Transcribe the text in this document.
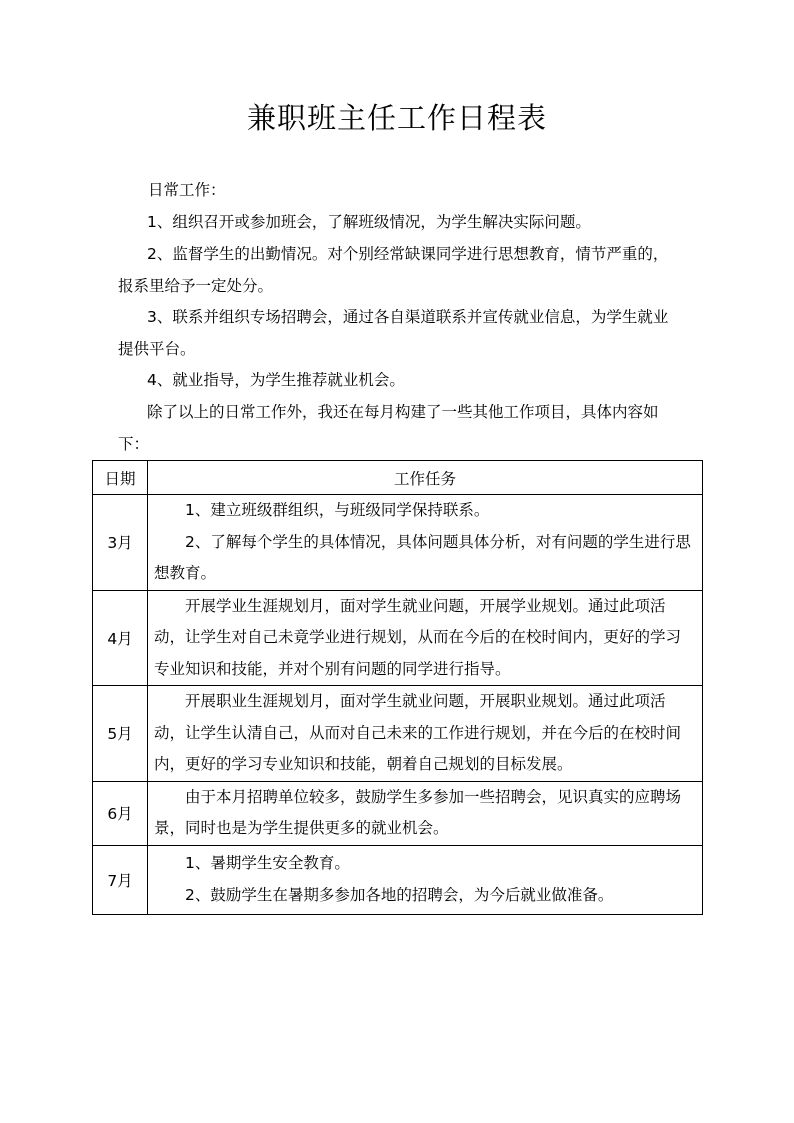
兼职班主任工作日程表

日常工作：

1、组织召开或参加班会，了解班级情况，为学生解决实际问题。

2、监督学生的出勤情况。对个别经常缺课同学进行思想教育，情节严重的，报系里给予一定处分。

3、联系并组织专场招聘会，通过各自渠道联系并宣传就业信息，为学生就业提供平台。

4、就业指导，为学生推荐就业机会。

除了以上的日常工作外，我还在每月构建了一些其他工作项目，具体内容如下：

日期	工作任务
3月	1、建立班级群组织，与班级同学保持联系。
2、了解每个学生的具体情况，具体问题具体分析，对有问题的学生进行思想教育。

4月	开展学业生涯规划月，面对学生就业问题，开展学业规划。通过此项活动，让学生对自己未竟学业进行规划，从而在今后的在校时间内，更好的学习专业知识和技能，并对个别有问题的同学进行指导。

5月	开展职业生涯规划月，面对学生就业问题，开展职业规划。通过此项活动，让学生认清自己，从而对自己未来的工作进行规划，并在今后的在校时间内，更好的学习专业知识和技能，朝着自己规划的目标发展。

6月	由于本月招聘单位较多，鼓励学生多参加一些招聘会，见识真实的应聘场景，同时也是为学生提供更多的就业机会。

7月	1、暑期学生安全教育。
2、鼓励学生在暑期多参加各地的招聘会，为今后就业做准备。
